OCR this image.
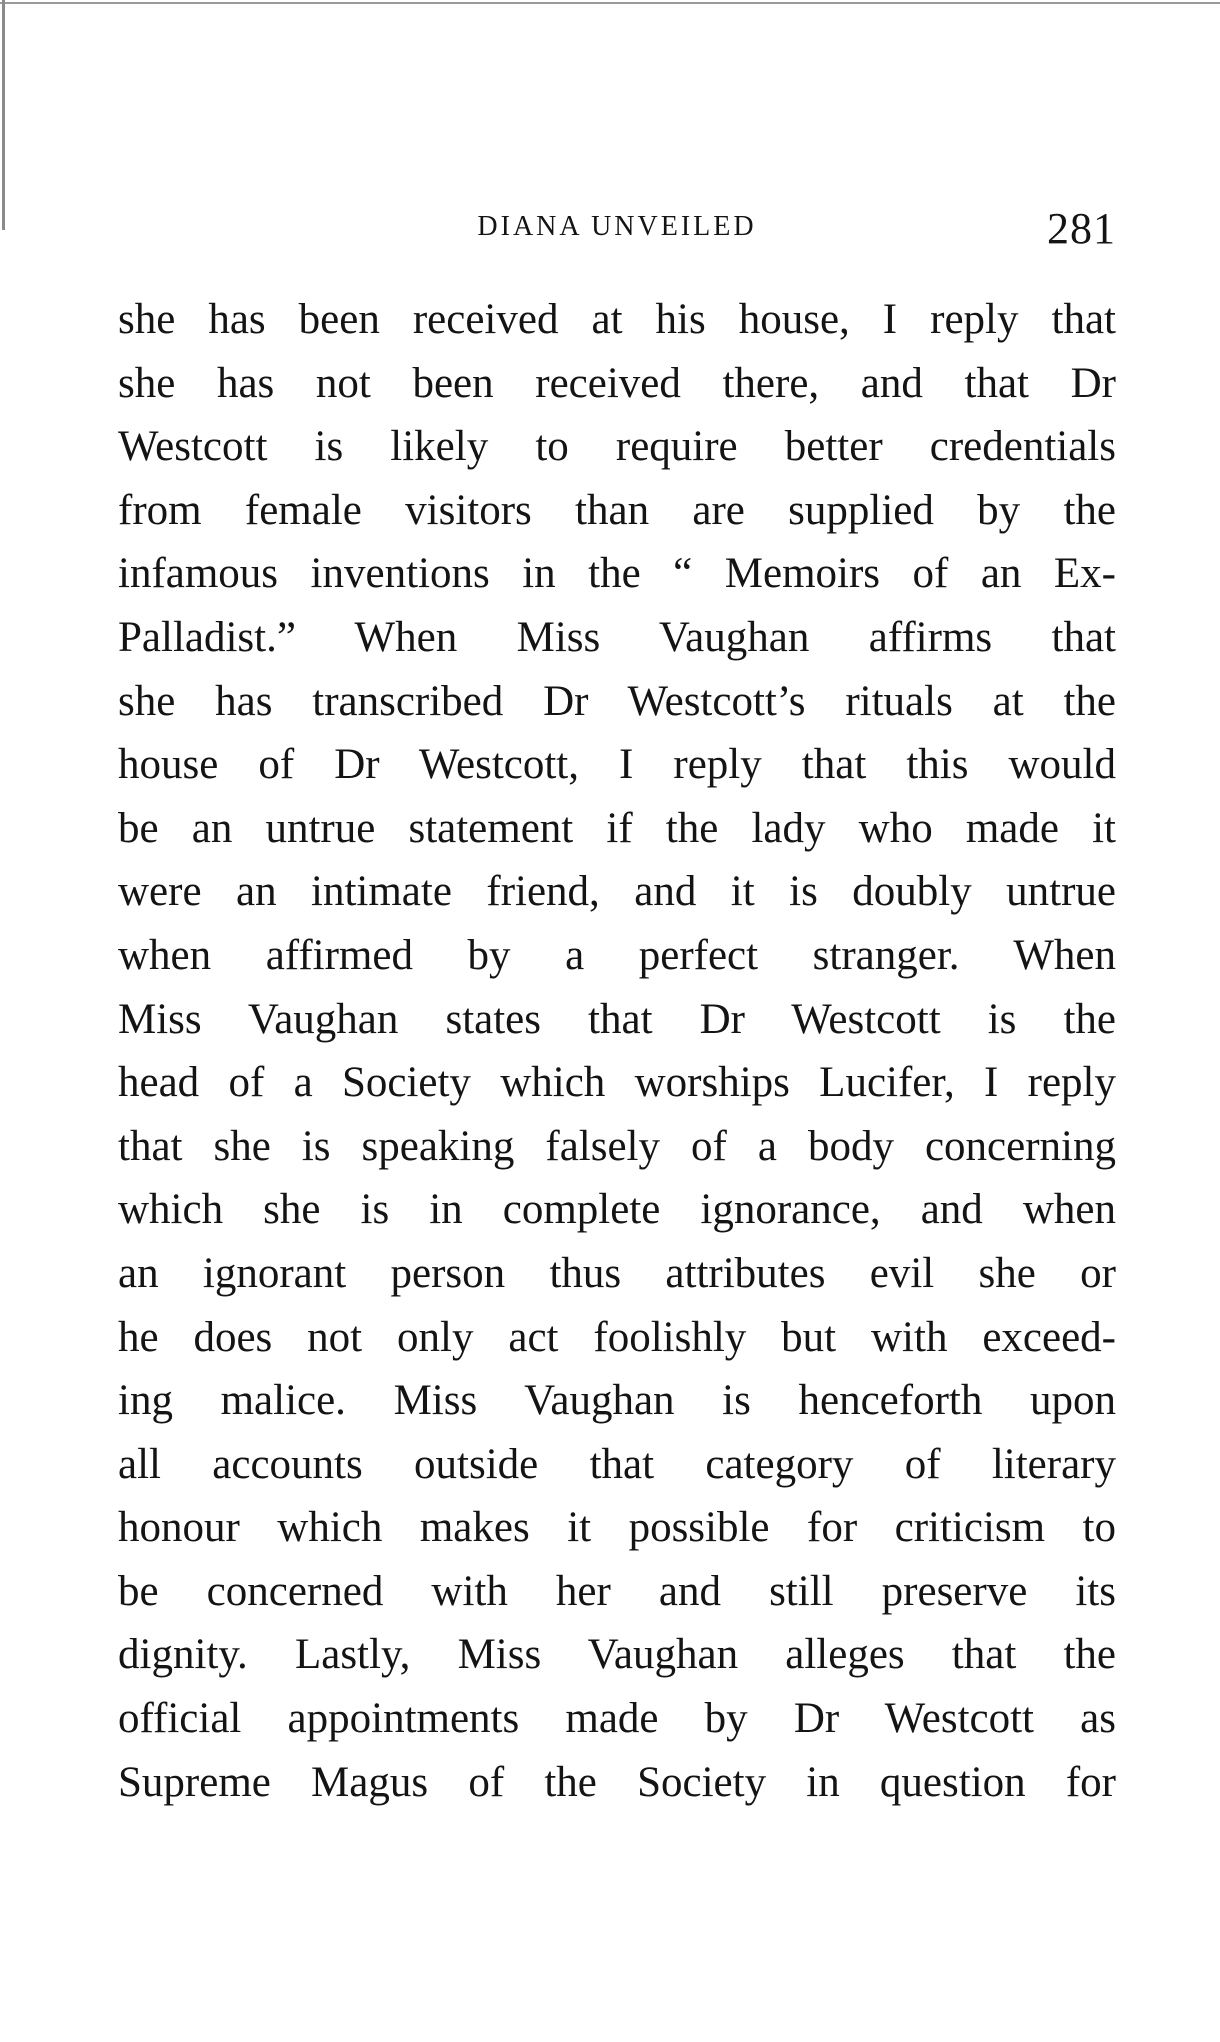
DIANA UNVEILED	281
she has been received at his house, I reply that
she has not been received there, and that Dr
Westcott is likely to require better credentials
from female visitors than are supplied by the
infamous inventions in the “ Memoirs of an Ex-
Palladist.” When Miss Vaughan affirms that
she has transcribed Dr Westcott’s rituals at the
house of Dr Westcott, I reply that this would
be an untrue statement if the lady who made it
were an intimate friend, and it is doubly untrue
when affirmed by a perfect stranger. When
Miss Vaughan states that Dr Westcott is the
head of a Society which worships Lucifer, I reply
that she is speaking falsely of a body concerning
which she is in complete ignorance, and when
an ignorant person thus attributes evil she or
he does not only act foolishly but with exceed-
ing malice. Miss Vaughan is henceforth upon
all accounts outside that category of literary
honour which makes it possible for criticism to
be concerned with her and still preserve its
dignity. Lastly, Miss Vaughan alleges that the
official appointments made by Dr Westcott as
Supreme Magus of the Society in question for
